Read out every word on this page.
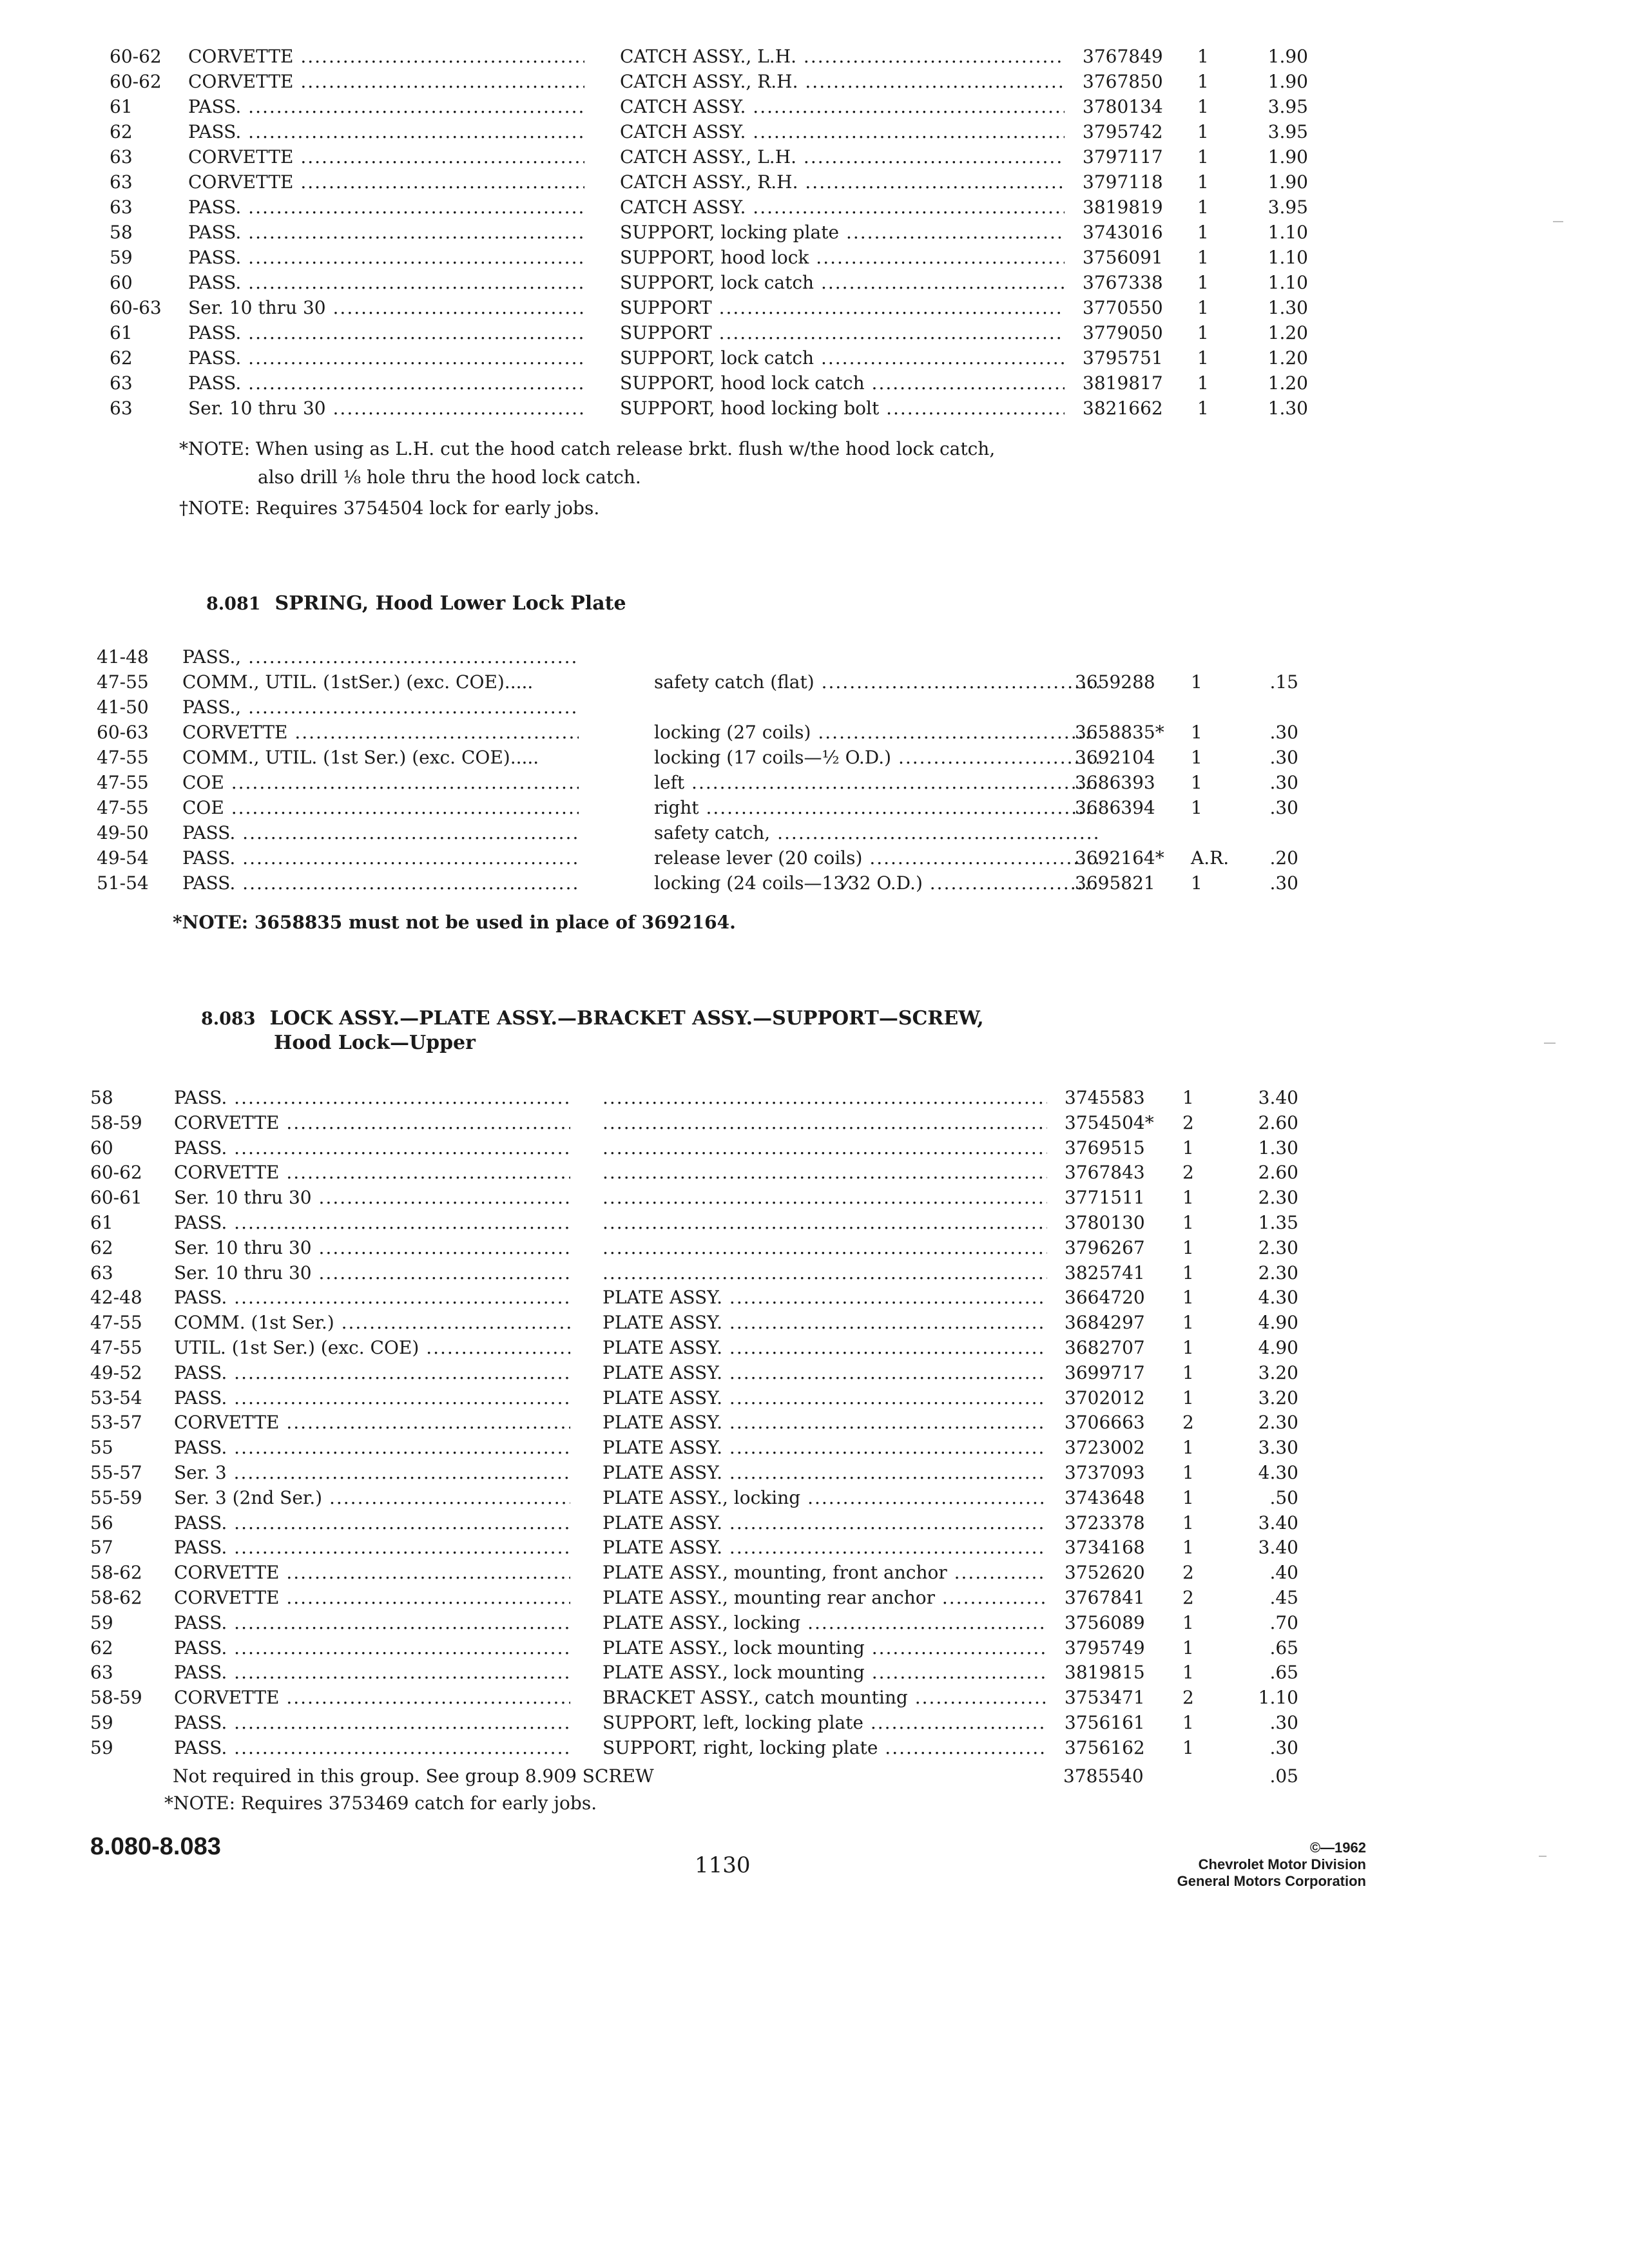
60-62	CORVETTE .....	CATCH ASSY., L.H. .....	3767849	1	1.90
60-62	CORVETTE .....	CATCH ASSY., R.H. .....	3767850	1	1.90
61	PASS. .....	CATCH ASSY. .....	3780134	1	3.95
62	PASS. .....	CATCH ASSY. .....	3795742	1	3.95
63	CORVETTE .....	CATCH ASSY., L.H. .....	3797117	1	1.90
63	CORVETTE .....	CATCH ASSY., R.H. .....	3797118	1	1.90
63	PASS. .....	CATCH ASSY. .....	3819819	1	3.95
58	PASS. .....	SUPPORT, locking plate .....	3743016	1	1.10
59	PASS. .....	SUPPORT, hood lock .....	3756091	1	1.10
60	PASS. .....	SUPPORT, lock catch .....	3767338	1	1.10
60-63	Ser. 10 thru 30 .....	SUPPORT .....	3770550	1	1.30
61	PASS. .....	SUPPORT .....	3779050	1	1.20
62	PASS. .....	SUPPORT, lock catch .....	3795751	1	1.20
63	PASS. .....	SUPPORT, hood lock catch .....	3819817	1	1.20
63	Ser. 10 thru 30 .....	SUPPORT, hood locking bolt .....	3821662	1	1.30
*NOTE: When using as L.H. cut the hood catch release brkt. flush w/the hood lock catch,
also drill ⅛ hole thru the hood lock catch.
†NOTE: Requires 3754504 lock for early jobs.
8.081 SPRING, Hood Lower Lock Plate
41-48	PASS., .....
47-55	COMM., UTIL. (1stSer.) (exc. COE).....	safety catch (flat) .....	3659288	1	.15
41-50	PASS., .....
60-63	CORVETTE .....	locking (27 coils) .....	3658835*	1	.30
47-55	COMM., UTIL. (1st Ser.) (exc. COE).....	locking (17 coils—½ O.D.) .....	3692104	1	.30
47-55	COE .....	left .....	3686393	1	.30
47-55	COE .....	right .....	3686394	1	.30
49-50	PASS. .....	safety catch, .....
49-54	PASS. .....	release lever (20 coils) .....	3692164*	A.R.	.20
51-54	PASS. .....	locking (24 coils—13⁄32 O.D.) .....	3695821	1	.30
*NOTE: 3658835 must not be used in place of 3692164.
8.083 LOCK ASSY.—PLATE ASSY.—BRACKET ASSY.—SUPPORT—SCREW,
Hood Lock—Upper
58	PASS. ..... .....	3745583	1	3.40
58-59	CORVETTE ..... .....	3754504*	2	2.60
60	PASS. ..... .....	3769515	1	1.30
60-62	CORVETTE ..... .....	3767843	2	2.60
60-61	Ser. 10 thru 30 ..... .....	3771511	1	2.30
61	PASS. ..... .....	3780130	1	1.35
62	Ser. 10 thru 30 ..... .....	3796267	1	2.30
63	Ser. 10 thru 30 ..... .....	3825741	1	2.30
42-48	PASS. .....	PLATE ASSY. .....	3664720	1	4.30
47-55	COMM. (1st Ser.) .....	PLATE ASSY. .....	3684297	1	4.90
47-55	UTIL. (1st Ser.) (exc. COE) .....	PLATE ASSY. .....	3682707	1	4.90
49-52	PASS. .....	PLATE ASSY. .....	3699717	1	3.20
53-54	PASS. .....	PLATE ASSY. .....	3702012	1	3.20
53-57	CORVETTE .....	PLATE ASSY. .....	3706663	2	2.30
55	PASS. .....	PLATE ASSY. .....	3723002	1	3.30
55-57	Ser. 3 .....	PLATE ASSY. .....	3737093	1	4.30
55-59	Ser. 3 (2nd Ser.) .....	PLATE ASSY., locking .....	3743648	1	.50
56	PASS. .....	PLATE ASSY. .....	3723378	1	3.40
57	PASS. .....	PLATE ASSY. .....	3734168	1	3.40
58-62	CORVETTE .....	PLATE ASSY., mounting, front anchor .....	3752620	2	.40
58-62	CORVETTE .....	PLATE ASSY., mounting rear anchor .....	3767841	2	.45
59	PASS. .....	PLATE ASSY., locking .....	3756089	1	.70
62	PASS. .....	PLATE ASSY., lock mounting .....	3795749	1	.65
63	PASS. .....	PLATE ASSY., lock mounting .....	3819815	1	.65
58-59	CORVETTE .....	BRACKET ASSY., catch mounting .....	3753471	2	1.10
59	PASS. .....	SUPPORT, left, locking plate .....	3756161	1	.30
59	PASS. .....	SUPPORT, right, locking plate .....	3756162	1	.30
Not required in this group. See group 8.909 SCREW .....	3785540	.05
*NOTE: Requires 3753469 catch for early jobs.
8.080-8.083
1130
©—1962
Chevrolet Motor Division
General Motors Corporation
